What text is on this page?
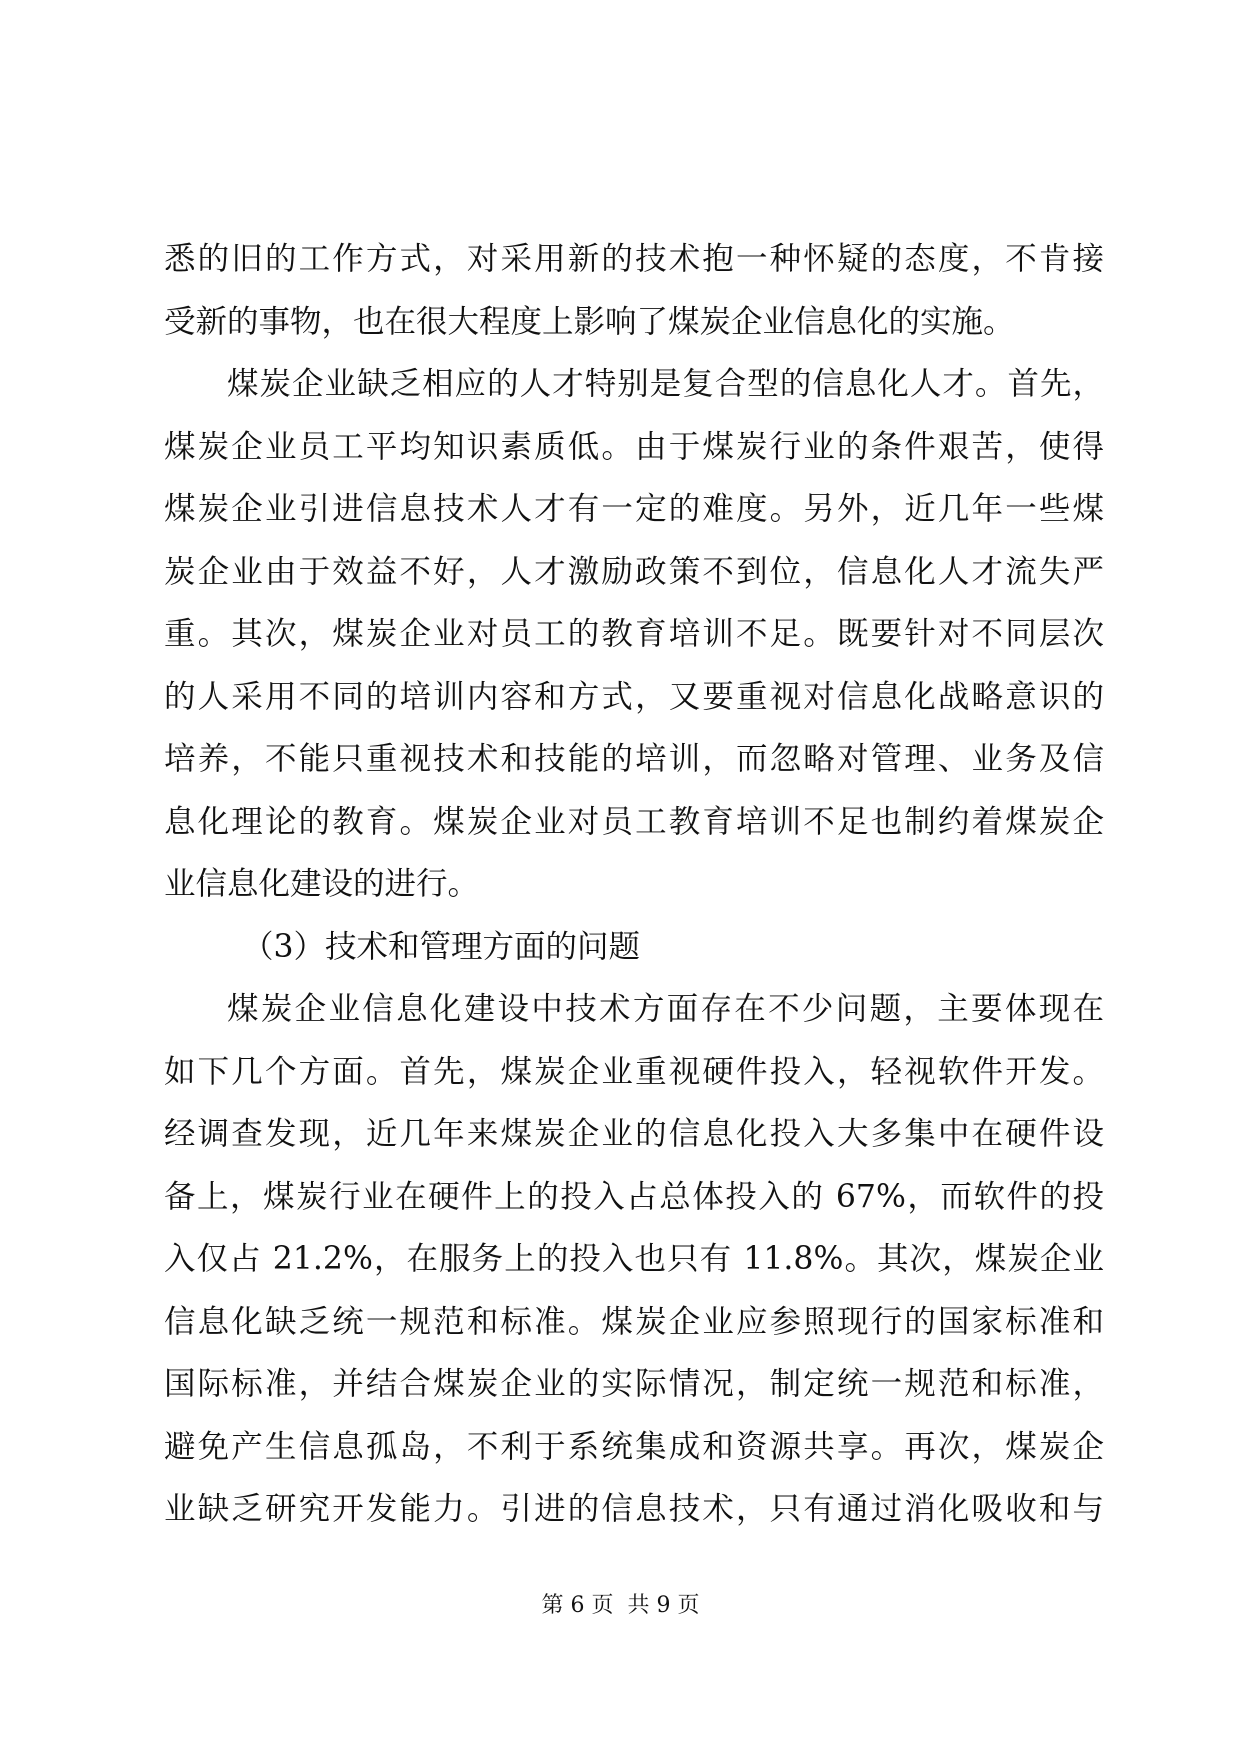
悉的旧的工作方式，对采用新的技术抱一种怀疑的态度，不肯接
受新的事物，也在很大程度上影响了煤炭企业信息化的实施。
煤炭企业缺乏相应的人才特别是复合型的信息化人才。首先，
煤炭企业员工平均知识素质低。由于煤炭行业的条件艰苦，使得
煤炭企业引进信息技术人才有一定的难度。另外，近几年一些煤
炭企业由于效益不好，人才激励政策不到位，信息化人才流失严
重。其次，煤炭企业对员工的教育培训不足。既要针对不同层次
的人采用不同的培训内容和方式，又要重视对信息化战略意识的
培养，不能只重视技术和技能的培训，而忽略对管理、业务及信
息化理论的教育。煤炭企业对员工教育培训不足也制约着煤炭企
业信息化建设的进行。
（3）技术和管理方面的问题
煤炭企业信息化建设中技术方面存在不少问题，主要体现在
如下几个方面。首先，煤炭企业重视硬件投入，轻视软件开发。
经调查发现，近几年来煤炭企业的信息化投入大多集中在硬件设
备上，煤炭行业在硬件上的投入占总体投入的 67%，而软件的投
入仅占 21.2%，在服务上的投入也只有 11.8%。其次，煤炭企业
信息化缺乏统一规范和标准。煤炭企业应参照现行的国家标准和
国际标准，并结合煤炭企业的实际情况，制定统一规范和标准，
避免产生信息孤岛，不利于系统集成和资源共享。再次，煤炭企
业缺乏研究开发能力。引进的信息技术，只有通过消化吸收和与
第 6 页  共 9 页
